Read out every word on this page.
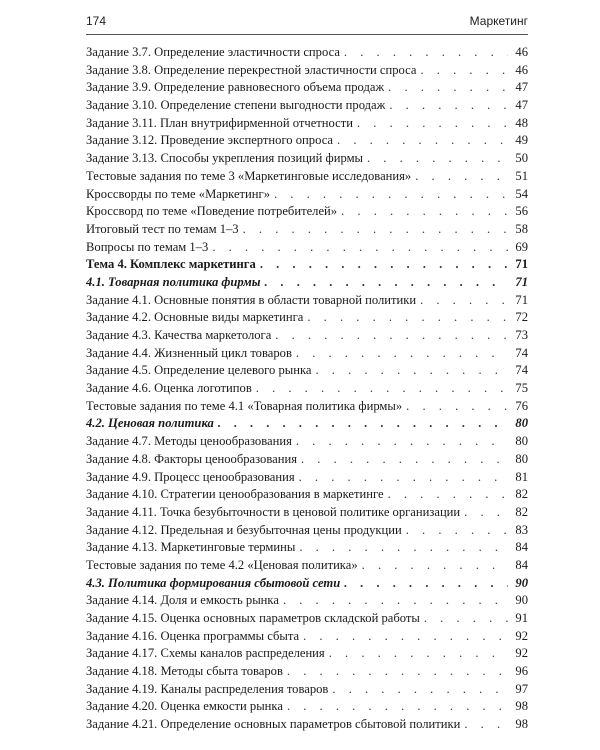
174	Маркетинг
Задание 3.7. Определение эластичности спроса . . .	46
Задание 3.8. Определение перекрестной эластичности спроса . . .	46
Задание 3.9. Определение равновесного объема продаж . . .	47
Задание 3.10. Определение степени выгодности продаж . . .	47
Задание 3.11. План внутрифирменной отчетности . . .	48
Задание 3.12. Проведение экспертного опроса . . .	49
Задание 3.13. Способы укрепления позиций фирмы . . .	50
Тестовые задания по теме 3 «Маркетинговые исследования» . . .	51
Кроссворды по теме «Маркетинг» . . .	54
Кроссворд по теме «Поведение потребителей» . . .	56
Итоговый тест по темам 1–3 . . .	58
Вопросы по темам 1–3 . . .	69
Тема 4. Комплекс маркетинга . . .	71
4.1. Товарная политика фирмы . . .	71
Задание 4.1. Основные понятия в области товарной политики . . .	71
Задание 4.2. Основные виды маркетинга . . .	72
Задание 4.3. Качества маркетолога . . .	73
Задание 4.4. Жизненный цикл товаров . . .	74
Задание 4.5. Определение целевого рынка . . .	74
Задание 4.6. Оценка логотипов . . .	75
Тестовые задания по теме 4.1 «Товарная политика фирмы» . . .	76
4.2. Ценовая политика . . .	80
Задание 4.7. Методы ценообразования . . .	80
Задание 4.8. Факторы ценообразования . . .	80
Задание 4.9. Процесс ценообразования . . .	81
Задание 4.10. Стратегии ценообразования в маркетинге . . .	82
Задание 4.11. Точка безубыточности в ценовой политике организации . . .	82
Задание 4.12. Предельная и безубыточная цены продукции . . .	83
Задание 4.13. Маркетинговые термины . . .	84
Тестовые задания по теме 4.2 «Ценовая политика» . . .	84
4.3. Политика формирования сбытовой сети . . .	90
Задание 4.14. Доля и емкость рынка . . .	90
Задание 4.15. Оценка основных параметров складской работы . . .	91
Задание 4.16. Оценка программы сбыта . . .	92
Задание 4.17. Схемы каналов распределения . . .	92
Задание 4.18. Методы сбыта товаров . . .	96
Задание 4.19. Каналы распределения товаров . . .	97
Задание 4.20. Оценка емкости рынка . . .	98
Задание 4.21. Определение основных параметров сбытовой политики . . .	98
